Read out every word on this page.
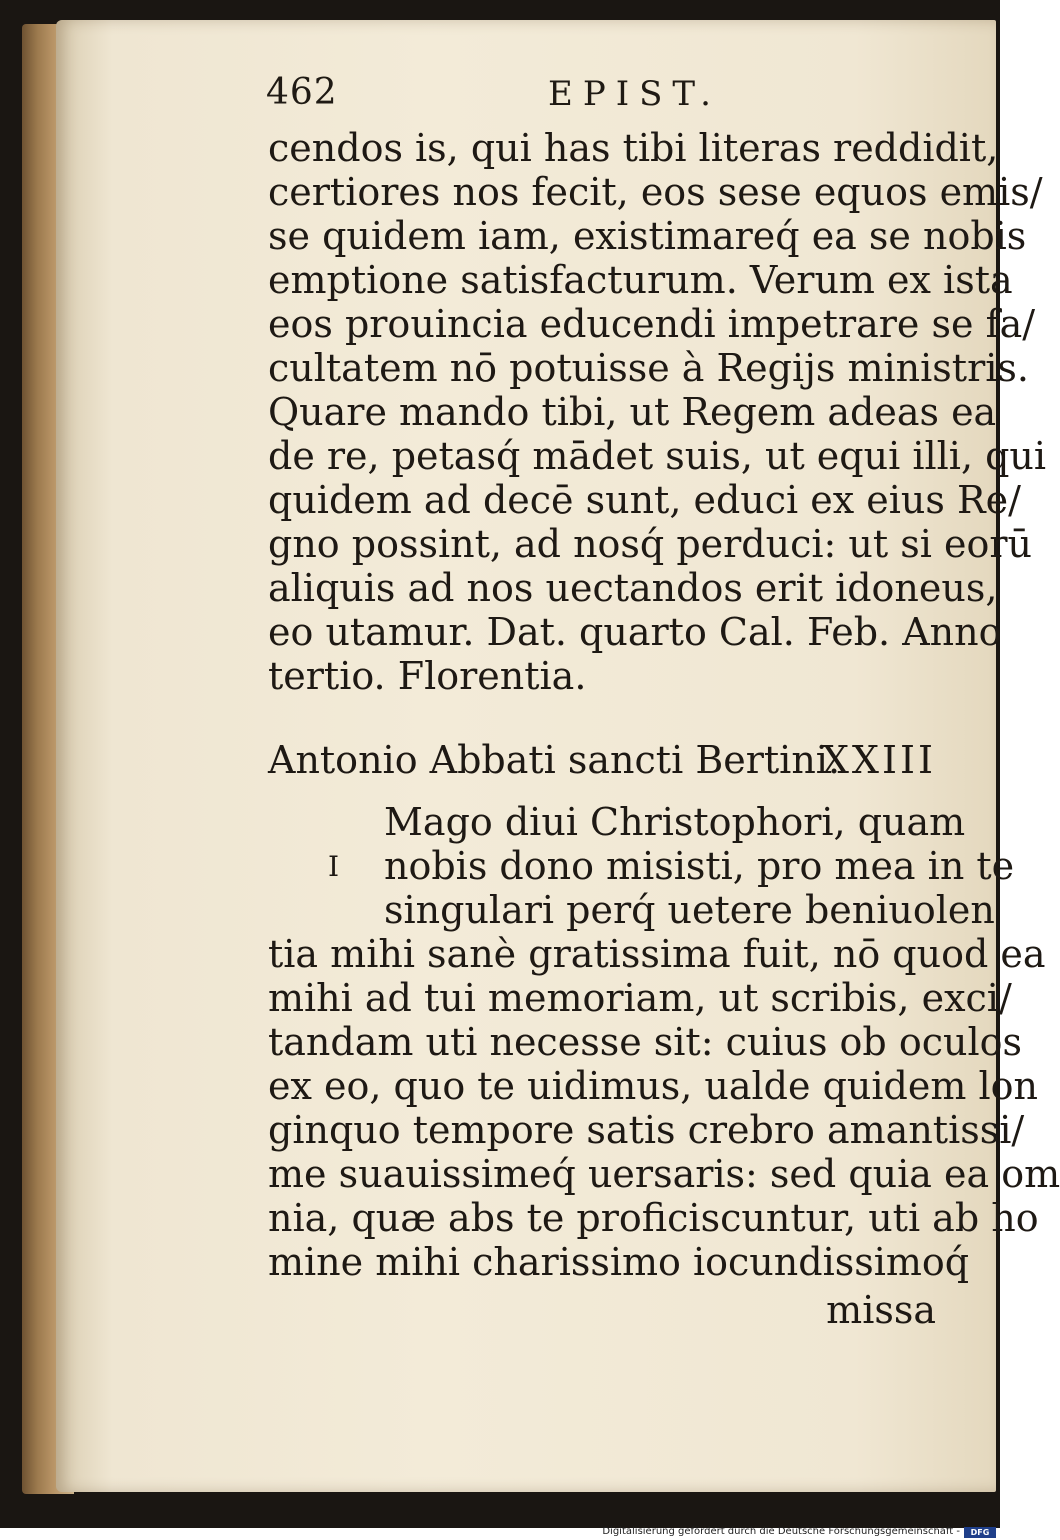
462	EPIST.
cendos is, qui has tibi literas reddidit,
certiores nos fecit, eos sese equos emis/
se quidem iam, existimareq́ ea se nobis
emptione satisfacturum. Verum ex ista
eos prouincia educendi impetrare se fa/
cultatem nō potuisse à Regijs ministris.
Quare mando tibi, ut Regem adeas ea
de re, petasq́ mādet suis, ut equi illi, qui
quidem ad decē sunt, educi ex eius Re/
gno possint, ad nosq́ perduci: ut si eorū
aliquis ad nos uectandos erit idoneus,
eo utamur. Dat. quarto Cal. Feb. Anno
tertio. Florentia.
Antonio Abbati sancti Bertini.
XXIII
I
Mago diui Christophori, quam
nobis dono misisti, pro mea in te
singulari perq́ uetere beniuolen
tia mihi sanè gratissima fuit, nō quod ea
mihi ad tui memoriam, ut scribis, exci/
tandam uti necesse sit: cuius ob oculos
ex eo, quo te uidimus, ualde quidem lon
ginquo tempore satis crebro amantissi/
me suauissimeq́ uersaris: sed quia ea om
nia, quæ abs te proficiscuntur, uti ab ho
mine mihi charissimo iocundissimoq́
missa
Digitalisierung gefördert durch die Deutsche Forschungsgemeinschaft -	DFG
